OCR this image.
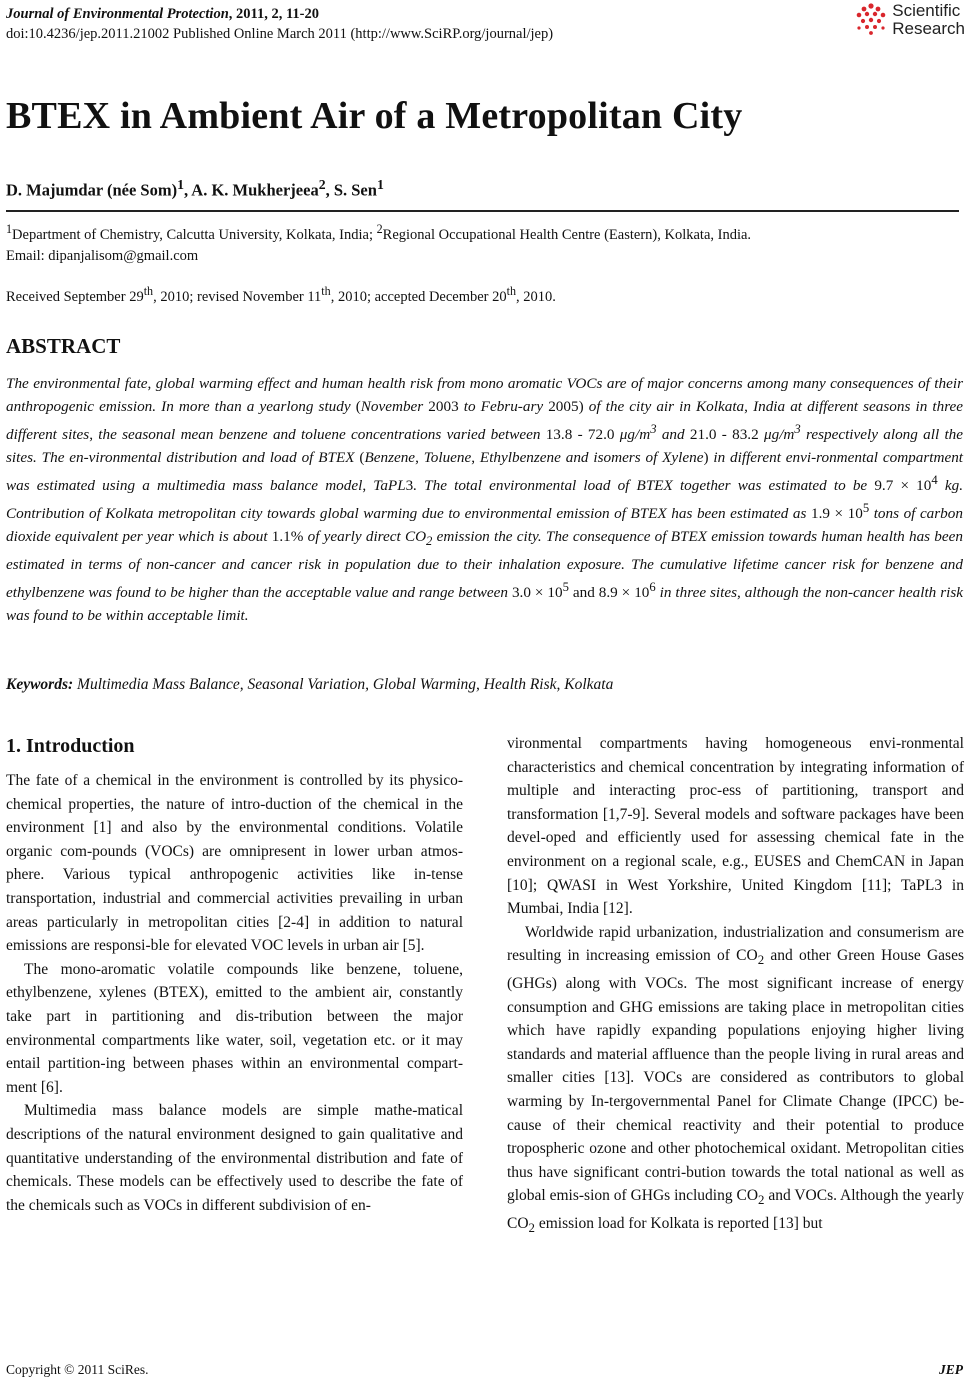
Journal of Environmental Protection, 2011, 2, 11-20
doi:10.4236/jep.2011.21002 Published Online March 2011 (http://www.SciRP.org/journal/jep)
Scientific
Research
BTEX in Ambient Air of a Metropolitan City
D. Majumdar (née Som)$^1$, A. K. Mukherjeea$^2$, S. Sen$^1$
$^1$Department of Chemistry, Calcutta University, Kolkata, India; $^2$Regional Occupational Health Centre (Eastern), Kolkata, India.
Email: dipanjalisom@gmail.com
Received September 29th, 2010; revised November 11th, 2010; accepted December 20th, 2010.
ABSTRACT

The environmental fate, global warming effect and human health risk from mono aromatic VOCs are of major concerns among many consequences of their anthropogenic emission. In more than a yearlong study (November 2003 to Febru-ary 2005) of the city air in Kolkata, India at different seasons in three different sites, the seasonal mean benzene and toluene concentrations varied between 13.8 - 72.0 $\mu g/m^3$ and 21.0 - 83.2 $\mu g/m^3$ respectively along all the sites. The en-vironmental distribution and load of BTEX (Benzene, Toluene, Ethylbenzene and isomers of Xylene) in different envi-ronmental compartment was estimated using a multimedia mass balance model, TaPL3. The total environmental load of BTEX together was estimated to be $9.7 \times 10^4$ kg. Contribution of Kolkata metropolitan city towards global warming due to environmental emission of BTEX has been estimated as $1.9 \times 10^5$ tons of carbon dioxide equivalent per year which is about 1.1% of yearly direct $CO_2$ emission the city. The consequence of BTEX emission towards human health has been estimated in terms of non-cancer and cancer risk in population due to their inhalation exposure. The cumulative lifetime cancer risk for benzene and ethylbenzene was found to be higher than the acceptable value and range between $3.0 \times 10^5$ and $8.9 \times 10^6$ in three sites, although the non-cancer health risk was found to be within acceptable limit.

Keywords: Multimedia Mass Balance, Seasonal Variation, Global Warming, Health Risk, Kolkata
1. Introduction

The fate of a chemical in the environment is controlled by its physico-chemical properties, the nature of intro-duction of the chemical in the environment [1] and also by the environmental conditions. Volatile organic com-pounds (VOCs) are omnipresent in lower urban atmos-phere. Various typical anthropogenic activities like in-tense transportation, industrial and commercial activities prevailing in urban areas particularly in metropolitan cities [2-4] in addition to natural emissions are responsi-ble for elevated VOC levels in urban air [5].

The mono-aromatic volatile compounds like benzene, toluene, ethylbenzene, xylenes (BTEX), emitted to the ambient air, constantly take part in partitioning and dis-tribution between the major environmental compartments like water, soil, vegetation etc. or it may entail partition-ing between phases within an environmental compart-ment [6].

Multimedia mass balance models are simple mathe-matical descriptions of the natural environment designed to gain qualitative and quantitative understanding of the environmental distribution and fate of chemicals. These models can be effectively used to describe the fate of the chemicals such as VOCs in different subdivision of en-

vironmental compartments having homogeneous envi-ronmental characteristics and chemical concentration by integrating information of multiple and interacting proc-ess of partitioning, transport and transformation [1,7-9]. Several models and software packages have been devel-oped and efficiently used for assessing chemical fate in the environment on a regional scale, e.g., EUSES and ChemCAN in Japan [10]; QWASI in West Yorkshire, United Kingdom [11]; TaPL3 in Mumbai, India [12].

Worldwide rapid urbanization, industrialization and consumerism are resulting in increasing emission of $CO_2$ and other Green House Gases (GHGs) along with VOCs. The most significant increase of energy consumption and GHG emissions are taking place in metropolitan cities which have rapidly expanding populations enjoying higher living standards and material affluence than the people living in rural areas and smaller cities [13]. VOCs are considered as contributors to global warming by In-tergovernmental Panel for Climate Change (IPCC) be-cause of their chemical reactivity and their potential to produce tropospheric ozone and other photochemical oxidant. Metropolitan cities thus have significant contri-bution towards the total national as well as global emis-sion of GHGs including $CO_2$ and VOCs. Although the yearly $CO_2$ emission load for Kolkata is reported [13] but

Copyright © 2011 SciRes.	JEP
